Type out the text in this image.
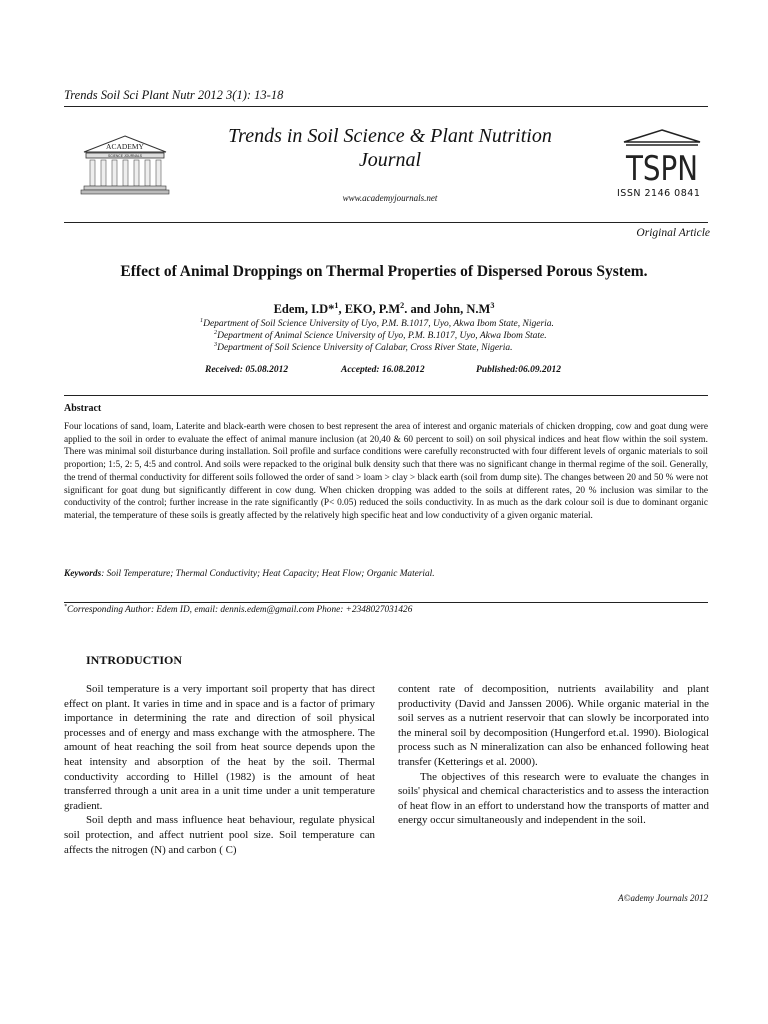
Trends Soil Sci Plant Nutr 2012 3(1): 13-18
ACADEMY
SCIENCE JOURNALS
Trends in Soil Science & Plant Nutrition
Journal
www.academyjournals.net
TSPN
ISSN 2146 0841
Original Article
Effect of Animal Droppings on Thermal Properties of Dispersed Porous System.
Edem, I.D*$^1$, EKO, $P.M^2$. and John, $N.M^3$
$^1$Department of Soil Science University of Uyo, P.M. B.1017, Uyo, Akwa Ibom State, Nigeria.
$^2$Department of Animal Science University of Uyo, P.M. B.1017, Uyo, Akwa Ibom State.
$^3$Department of Soil Science University of Calabar, Cross River State, Nigeria.
Received: 05.08.2012	Accepted: 16.08.2012	Published:06.09.2012
Abstract

Four locations of sand, loam, Laterite and black-earth were chosen to best represent the area of interest and organic materials of chicken dropping, cow and goat dung were applied to the soil in order to evaluate the effect of animal manure inclusion (at 20,40 & 60 percent to soil) on soil physical indices and heat flow within the soil system. There was minimal soil disturbance during installation. Soil profile and surface conditions were carefully reconstructed with four different levels of organic materials to soil proportion; 1:5, 2: 5, 4:5 and control. And soils were repacked to the original bulk density such that there was no significant change in thermal regime of the soil. Generally, the trend of thermal conductivity for different soils followed the order of sand > loam > clay > black earth (soil from dump site). The changes between 20 and 50 % were not significant for goat dung but significantly different in cow dung. When chicken dropping was added to the soils at different rates, 20 % inclusion was similar to the conductivity of the control; further increase in the rate significantly (P< 0.05) reduced the soils conductivity. In as much as the dark colour soil is due to dominant organic material, the temperature of these soils is greatly affected by the relatively high specific heat and low conductivity of a given organic material.

Keywords: Soil Temperature; Thermal Conductivity; Heat Capacity; Heat Flow; Organic Material.
*Corresponding Author: Edem ID, email: dennis.edem@gmail.com Phone: +2348027031426
INTRODUCTION

Soil temperature is a very important soil property that has direct effect on plant. It varies in time and in space and is a factor of primary importance in determining the rate and direction of soil physical processes and of energy and mass exchange with the atmosphere. The amount of heat reaching the soil from heat source depends upon the heat intensity and absorption of the heat by the soil. Thermal conductivity according to Hillel (1982) is the amount of heat transferred through a unit area in a unit time under a unit temperature gradient.

Soil depth and mass influence heat behaviour, regulate physical soil protection, and affect nutrient pool size. Soil temperature can affects the nitrogen (N) and carbon ( C)

content rate of decomposition, nutrients availability and plant productivity (David and Janssen 2006). While organic material in the soil serves as a nutrient reservoir that can slowly be incorporated into the mineral soil by decomposition (Hungerford et.al. 1990). Biological process such as N mineralization can also be enhanced following heat transfer (Ketterings et al. 2000).

The objectives of this research were to evaluate the changes in soils' physical and chemical characteristics and to assess the interaction of heat flow in an effort to understand how the transports of matter and energy occur simultaneously and independent in the soil.

A©ademy Journals 2012
